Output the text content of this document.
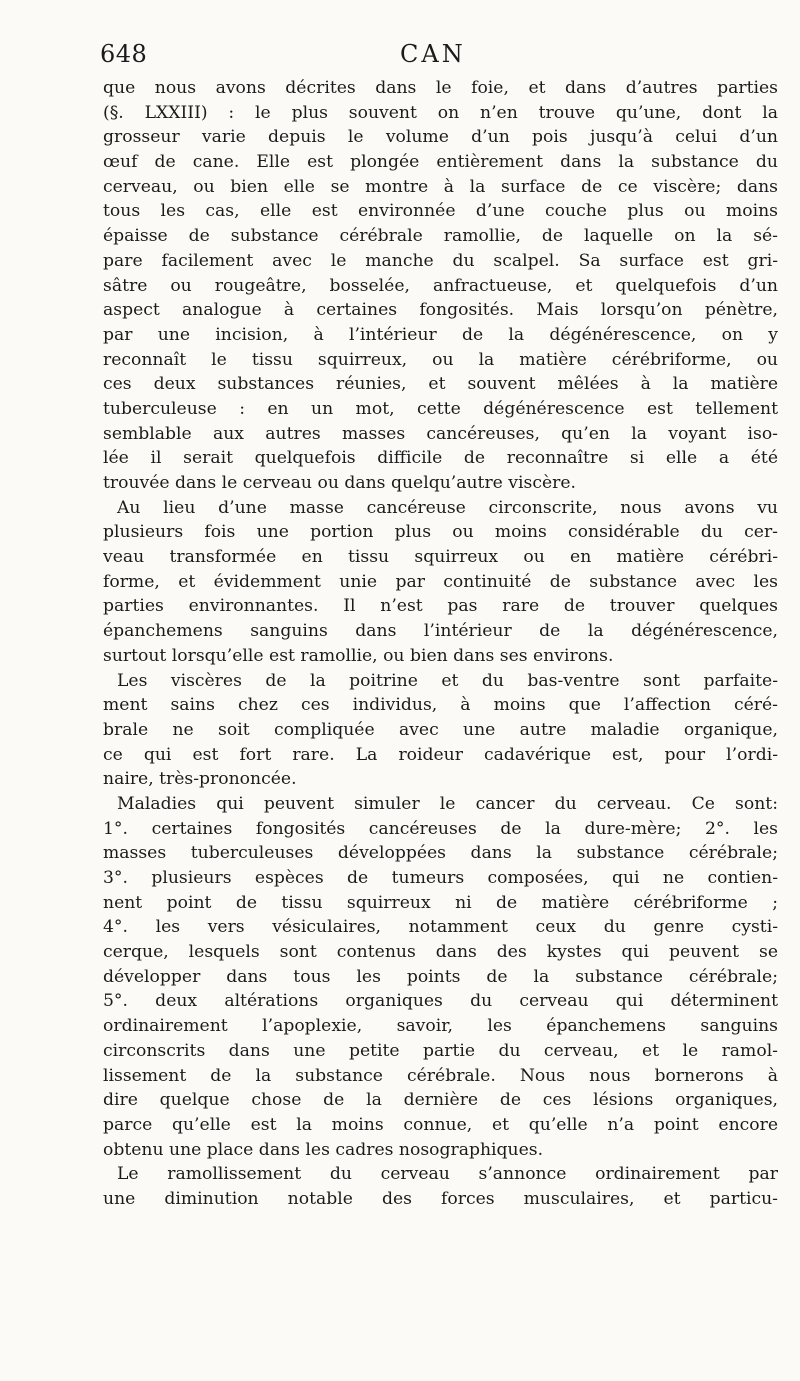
648	CAN
que nous avons décrites dans le foie, et dans d’autres parties
(§. LXXIII) : le plus souvent on n’en trouve qu’une, dont la
grosseur varie depuis le volume d’un pois jusqu’à celui d’un
œuf de cane. Elle est plongée entièrement dans la substance du
cerveau, ou bien elle se montre à la surface de ce viscère; dans
tous les cas, elle est environnée d’une couche plus ou moins
épaisse de substance cérébrale ramollie, de laquelle on la sé-
pare facilement avec le manche du scalpel. Sa surface est gri-
sâtre ou rougeâtre, bosselée, anfractueuse, et quelquefois d’un
aspect analogue à certaines fongosités. Mais lorsqu’on pénètre,
par une incision, à l’intérieur de la dégénérescence, on y
reconnaît le tissu squirreux, ou la matière cérébriforme, ou
ces deux substances réunies, et souvent mêlées à la matière
tuberculeuse : en un mot, cette dégénérescence est tellement
semblable aux autres masses cancéreuses, qu’en la voyant iso-
lée il serait quelquefois difficile de reconnaître si elle a été
trouvée dans le cerveau ou dans quelqu’autre viscère.
Au lieu d’une masse cancéreuse circonscrite, nous avons vu
plusieurs fois une portion plus ou moins considérable du cer-
veau transformée en tissu squirreux ou en matière cérébri-
forme, et évidemment unie par continuité de substance avec les
parties environnantes. Il n’est pas rare de trouver quelques
épanchemens sanguins dans l’intérieur de la dégénérescence,
surtout lorsqu’elle est ramollie, ou bien dans ses environs.
Les viscères de la poitrine et du bas-ventre sont parfaite-
ment sains chez ces individus, à moins que l’affection céré-
brale ne soit compliquée avec une autre maladie organique,
ce qui est fort rare. La roideur cadavérique est, pour l’ordi-
naire, très-prononcée.
Maladies qui peuvent simuler le cancer du cerveau. Ce sont:
1°. certaines fongosités cancéreuses de la dure-mère; 2°. les
masses tuberculeuses développées dans la substance cérébrale;
3°. plusieurs espèces de tumeurs composées, qui ne contien-
nent point de tissu squirreux ni de matière cérébriforme ;
4°. les vers vésiculaires, notamment ceux du genre cysti-
cerque, lesquels sont contenus dans des kystes qui peuvent se
développer dans tous les points de la substance cérébrale;
5°. deux altérations organiques du cerveau qui déterminent
ordinairement l’apoplexie, savoir, les épanchemens sanguins
circonscrits dans une petite partie du cerveau, et le ramol-
lissement de la substance cérébrale. Nous nous bornerons à
dire quelque chose de la dernière de ces lésions organiques,
parce qu’elle est la moins connue, et qu’elle n’a point encore
obtenu une place dans les cadres nosographiques.
Le ramollissement du cerveau s’annonce ordinairement par
une diminution notable des forces musculaires, et particu-
